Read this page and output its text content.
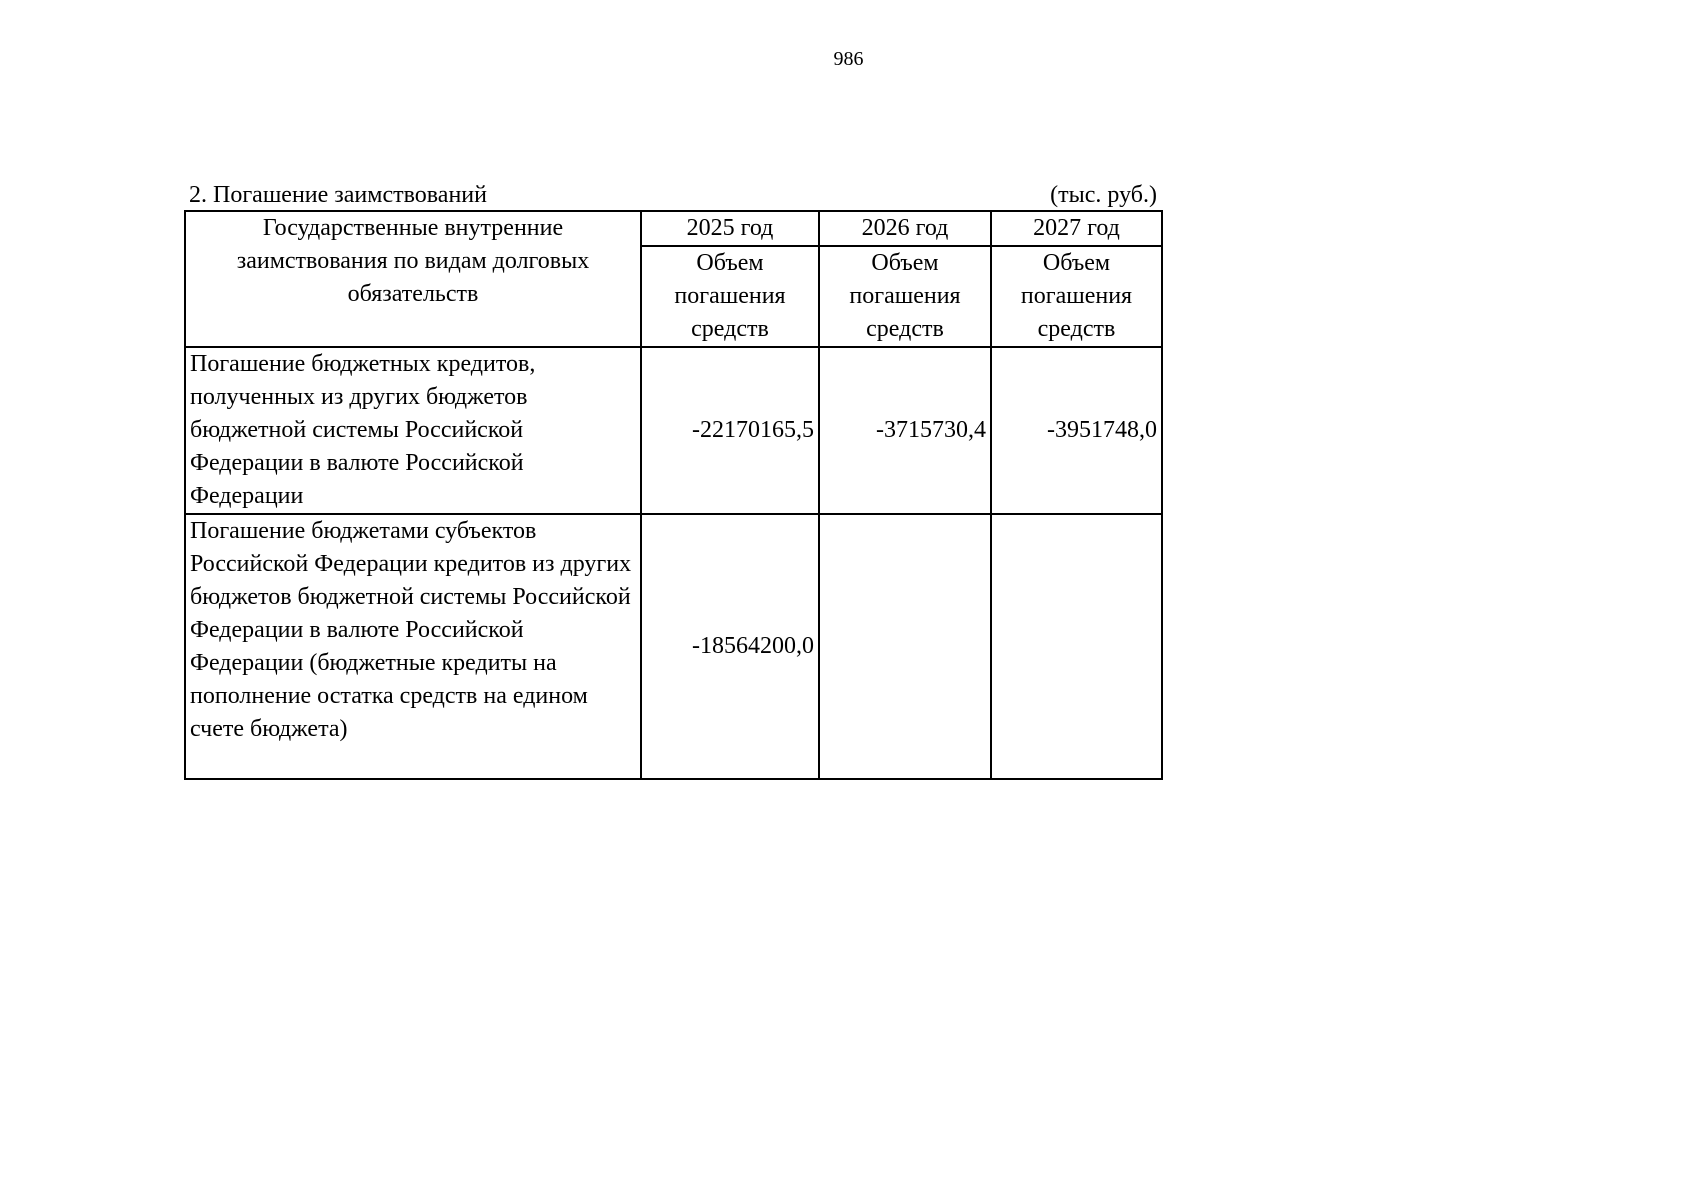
986
2. Погашение заимствований	(тыс. руб.)
Государственные внутренние заимствования по видам долговых обязательств	2025 год	2026 год	2027 год
	Объем погашения средств	Объем погашения средств	Объем погашения средств
Погашение бюджетных кредитов, полученных из других бюджетов бюджетной системы Российской Федерации в валюте Российской Федерации	-22170165,5	-3715730,4	-3951748,0
Погашение бюджетами субъектов Российской Федерации кредитов из других бюджетов бюджетной системы Российской Федерации в валюте Российской Федерации (бюджетные кредиты на пополнение остатка средств на едином счете бюджета)	-18564200,0		
